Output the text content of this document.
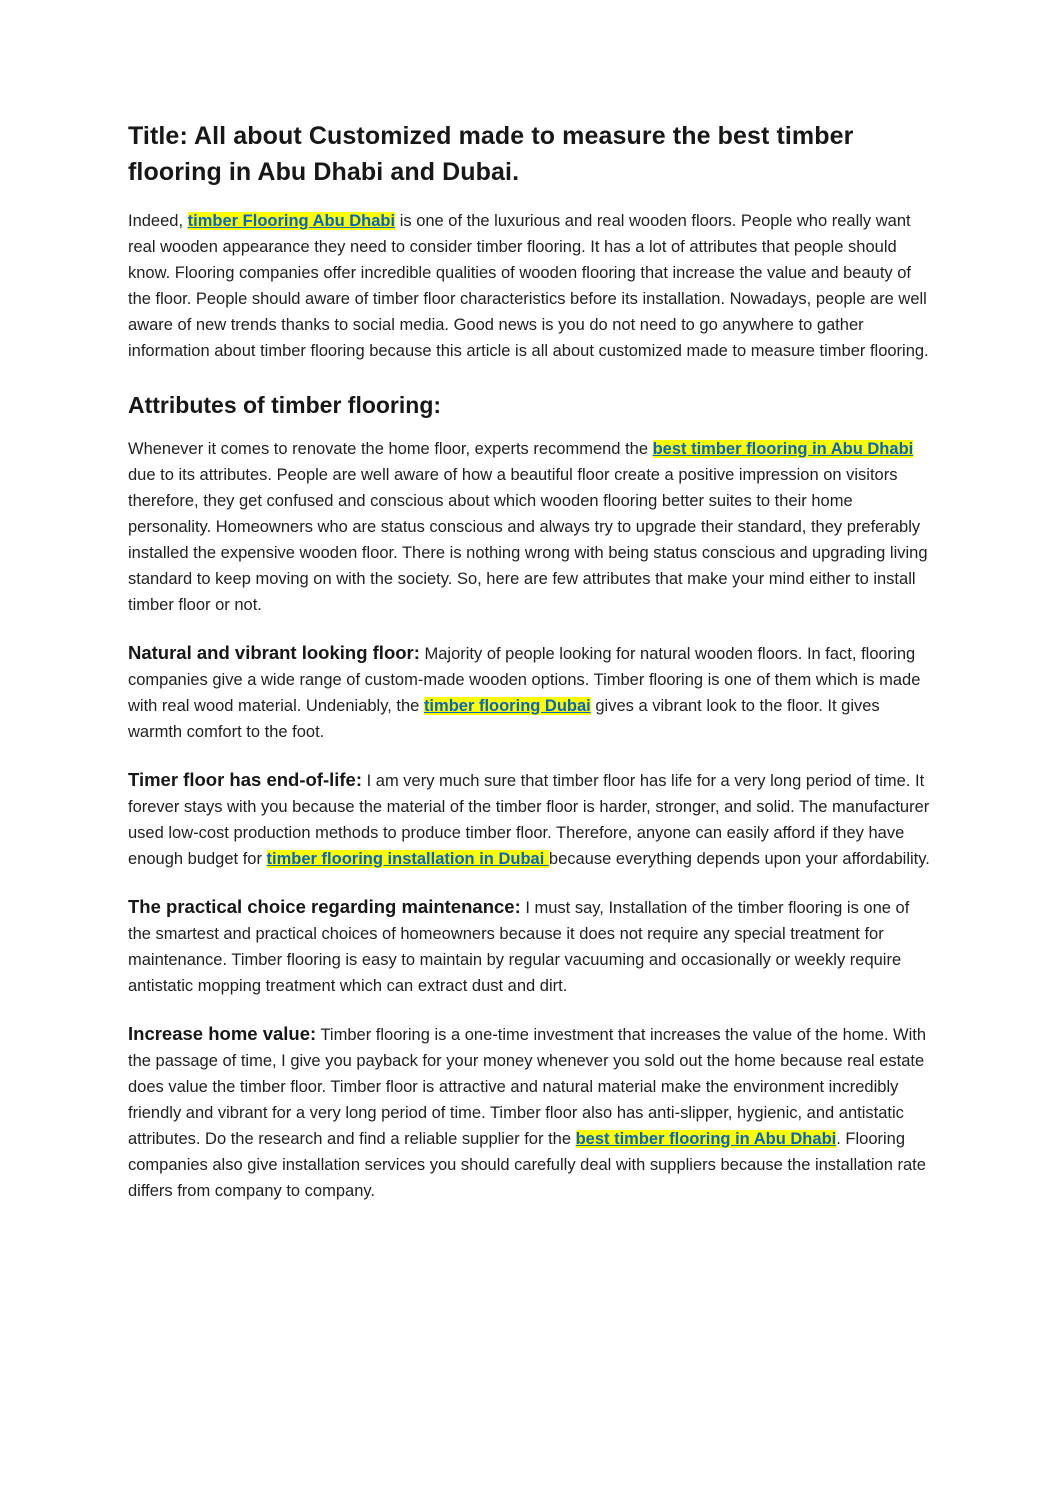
Title: All about Customized made to measure the best timber flooring in Abu Dhabi and Dubai.

Indeed, timber Flooring Abu Dhabi is one of the luxurious and real wooden floors. People who really want real wooden appearance they need to consider timber flooring. It has a lot of attributes that people should know. Flooring companies offer incredible qualities of wooden flooring that increase the value and beauty of the floor. People should aware of timber floor characteristics before its installation. Nowadays, people are well aware of new trends thanks to social media. Good news is you do not need to go anywhere to gather information about timber flooring because this article is all about customized made to measure timber flooring.

Attributes of timber flooring:

Whenever it comes to renovate the home floor, experts recommend the best timber flooring in Abu Dhabi due to its attributes. People are well aware of how a beautiful floor create a positive impression on visitors therefore, they get confused and conscious about which wooden flooring better suites to their home personality. Homeowners who are status conscious and always try to upgrade their standard, they preferably installed the expensive wooden floor. There is nothing wrong with being status conscious and upgrading living standard to keep moving on with the society. So, here are few attributes that make your mind either to install timber floor or not.

Natural and vibrant looking floor: Majority of people looking for natural wooden floors. In fact, flooring companies give a wide range of custom-made wooden options. Timber flooring is one of them which is made with real wood material. Undeniably, the timber flooring Dubai gives a vibrant look to the floor. It gives warmth comfort to the foot.

Timer floor has end-of-life: I am very much sure that timber floor has life for a very long period of time. It forever stays with you because the material of the timber floor is harder, stronger, and solid. The manufacturer used low-cost production methods to produce timber floor. Therefore, anyone can easily afford if they have enough budget for timber flooring installation in Dubai because everything depends upon your affordability.

The practical choice regarding maintenance: I must say, Installation of the timber flooring is one of the smartest and practical choices of homeowners because it does not require any special treatment for maintenance. Timber flooring is easy to maintain by regular vacuuming and occasionally or weekly require antistatic mopping treatment which can extract dust and dirt.

Increase home value: Timber flooring is a one-time investment that increases the value of the home. With the passage of time, I give you payback for your money whenever you sold out the home because real estate does value the timber floor. Timber floor is attractive and natural material make the environment incredibly friendly and vibrant for a very long period of time. Timber floor also has anti-slipper, hygienic, and antistatic attributes. Do the research and find a reliable supplier for the best timber flooring in Abu Dhabi. Flooring companies also give installation services you should carefully deal with suppliers because the installation rate differs from company to company.
